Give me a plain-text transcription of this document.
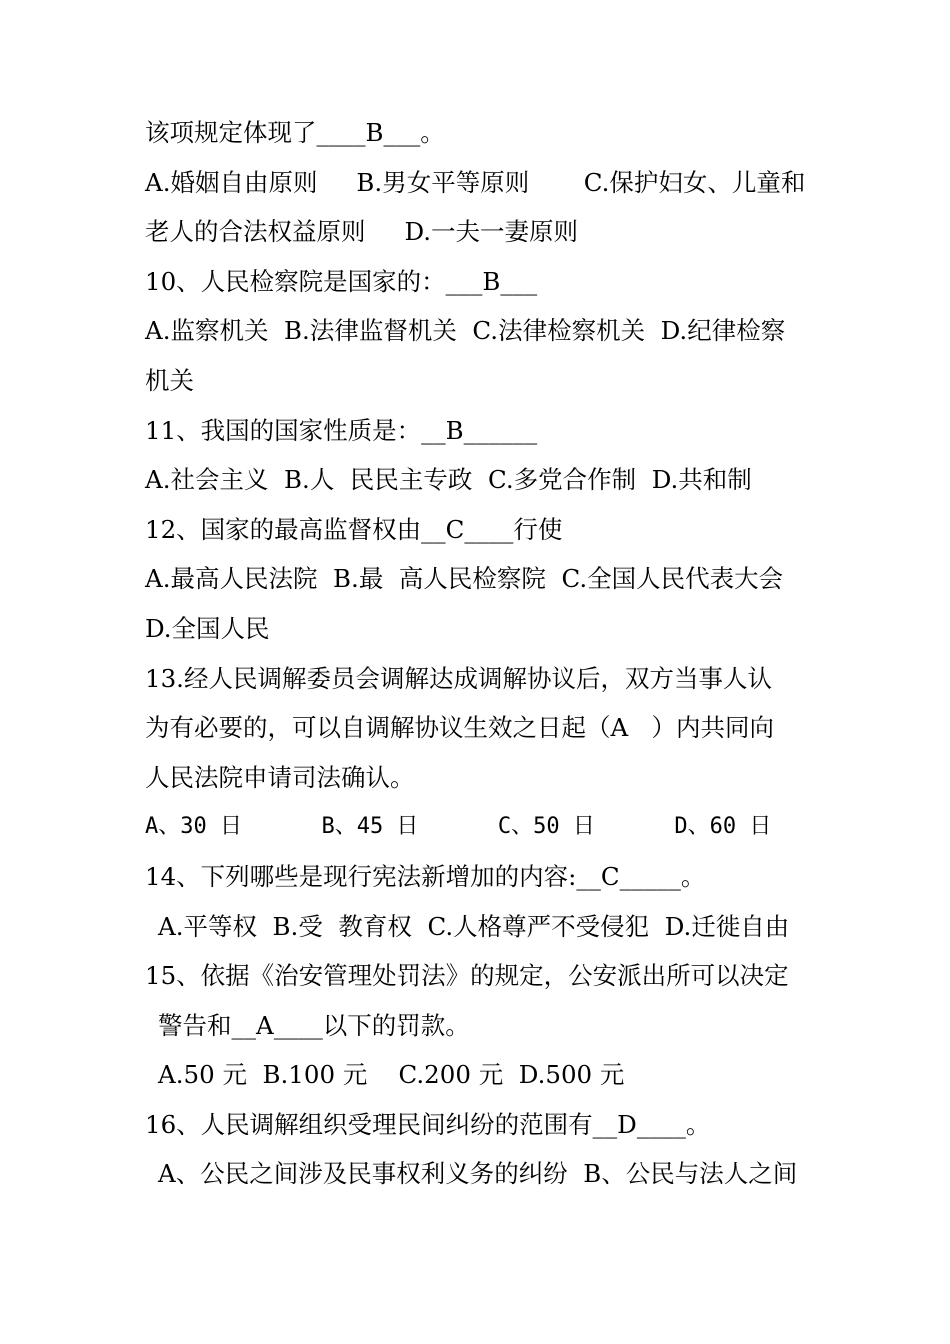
该项规定体现了____B___。
A.婚姻自由原则     B.男女平等原则       C.保护妇女、儿童和
老人的合法权益原则     D.一夫一妻原则
10、人民检察院是国家的：___B___
A.监察机关  B.法律监督机关  C.法律检察机关  D.纪律检察
机关
11、我国的国家性质是：__B______
A.社会主义  B.人  民民主专政  C.多党合作制  D.共和制
12、国家的最高监督权由__C____行使
A.最高人民法院  B.最  高人民检察院  C.全国人民代表大会
D.全国人民
13.经人民调解委员会调解达成调解协议后，双方当事人认
为有必要的，可以自调解协议生效之日起（A   ）内共同向
人民法院申请司法确认。
A、30 日      B、45 日      C、50 日      D、60 日
14、下列哪些是现行宪法新增加的内容:__C_____。
A.平等权  B.受  教育权  C.人格尊严不受侵犯  D.迁徙自由
15、依据《治安管理处罚法》的规定，公安派出所可以决定
警告和__A____以下的罚款。
A.50 元  B.100 元    C.200 元  D.500 元
16、人民调解组织受理民间纠纷的范围有__D____。
A、公民之间涉及民事权利义务的纠纷  B、公民与法人之间
